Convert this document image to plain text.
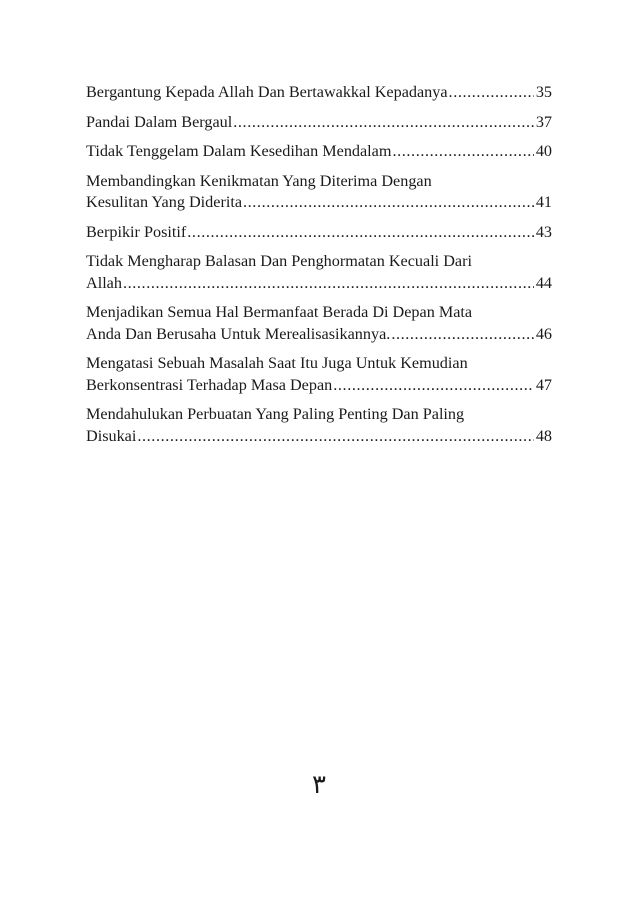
Bergantung Kepada Allah Dan Bertawakkal Kepadanya .....	35
Pandai Dalam Bergaul .....	37
Tidak Tenggelam Dalam Kesedihan Mendalam .....	40
Membandingkan Kenikmatan Yang Diterima Dengan
Kesulitan Yang Diderita .....	41
Berpikir Positif .....	43
Tidak Mengharap Balasan Dan Penghormatan Kecuali Dari
Allah .....	44
Menjadikan Semua Hal Bermanfaat Berada Di Depan Mata
Anda Dan Berusaha Untuk Merealisasikannya. .....	46
Mengatasi Sebuah Masalah Saat Itu Juga Untuk Kemudian
Berkonsentrasi Terhadap Masa Depan .....	47
Mendahulukan Perbuatan Yang Paling Penting Dan Paling
Disukai .....	48
٣
